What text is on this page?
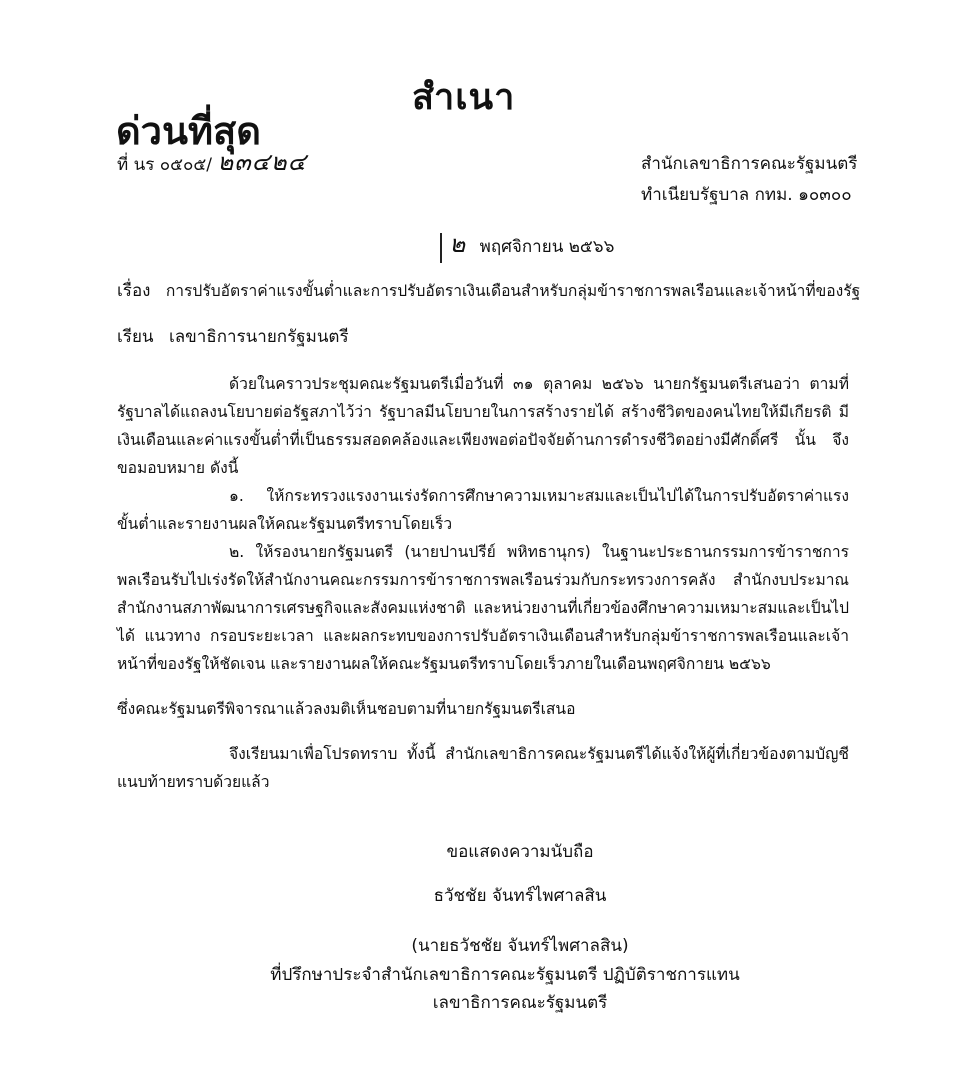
สำเนา
ด่วนที่สุด
ที่ นร ๐๕๐๕/ ๒๓๔๒๔	สำนักเลขาธิการคณะรัฐมนตรี
ทำเนียบรัฐบาล กทม. ๑๐๓๐๐
๒ พฤศจิกายน ๒๕๖๖
เรื่อง การปรับอัตราค่าแรงขั้นต่ำและการปรับอัตราเงินเดือนสำหรับกลุ่มข้าราชการพลเรือนและเจ้าหน้าที่ของรัฐ
เรียน เลขาธิการนายกรัฐมนตรี

ด้วยในคราวประชุมคณะรัฐมนตรีเมื่อวันที่ ๓๑ ตุลาคม ๒๕๖๖ นายกรัฐมนตรีเสนอว่า ตามที่รัฐบาลได้แถลงนโยบายต่อรัฐสภาไว้ว่า รัฐบาลมีนโยบายในการสร้างรายได้ สร้างชีวิตของคนไทยให้มีเกียรติ มีเงินเดือนและค่าแรงขั้นต่ำที่เป็นธรรมสอดคล้องและเพียงพอต่อปัจจัยด้านการดำรงชีวิตอย่างมีศักดิ์ศรี นั้น จึงขอมอบหมาย ดังนี้

๑. ให้กระทรวงแรงงานเร่งรัดการศึกษาความเหมาะสมและเป็นไปได้ในการปรับอัตราค่าแรงขั้นต่ำและรายงานผลให้คณะรัฐมนตรีทราบโดยเร็ว

๒. ให้รองนายกรัฐมนตรี (นายปานปรีย์ พหิทธานุกร) ในฐานะประธานกรรมการข้าราชการพลเรือนรับไปเร่งรัดให้สำนักงานคณะกรรมการข้าราชการพลเรือนร่วมกับกระทรวงการคลัง สำนักงบประมาณ สำนักงานสภาพัฒนาการเศรษฐกิจและสังคมแห่งชาติ และหน่วยงานที่เกี่ยวข้องศึกษาความเหมาะสมและเป็นไปได้ แนวทาง กรอบระยะเวลา และผลกระทบของการปรับอัตราเงินเดือนสำหรับกลุ่มข้าราชการพลเรือนและเจ้าหน้าที่ของรัฐให้ชัดเจน และรายงานผลให้คณะรัฐมนตรีทราบโดยเร็วภายในเดือนพฤศจิกายน ๒๕๖๖

ซึ่งคณะรัฐมนตรีพิจารณาแล้วลงมติเห็นชอบตามที่นายกรัฐมนตรีเสนอ

จึงเรียนมาเพื่อโปรดทราบ ทั้งนี้ สำนักเลขาธิการคณะรัฐมนตรีได้แจ้งให้ผู้ที่เกี่ยวข้องตามบัญชีแนบท้ายทราบด้วยแล้ว

ขอแสดงความนับถือ
ธวัชชัย จันทร์ไพศาลสิน
(นายธวัชชัย จันทร์ไพศาลสิน)
ที่ปรึกษาประจำสำนักเลขาธิการคณะรัฐมนตรี ปฏิบัติราชการแทน
เลขาธิการคณะรัฐมนตรี
